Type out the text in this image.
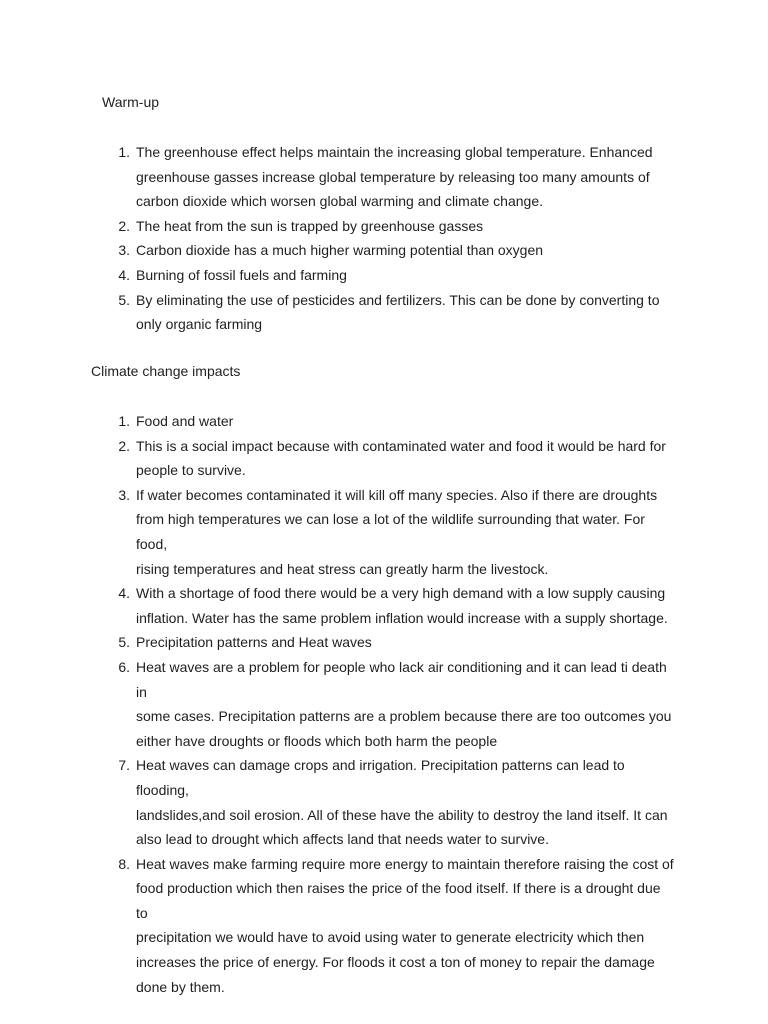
Warm-up
1 . The greenhouse effect helps maintain the increasing global temperature. Enhanced
greenhouse gasses increase global temperature by releasing too many amounts of
carbon dioxide which worsen global warming and climate change.
2 . The heat from the sun is trapped by greenhouse gasses
3 . Carbon dioxide has a much higher warming potential than oxygen
4 . Burning of fossil fuels and farming
5 . By eliminating the use of pesticides and fertilizers. This can be done by converting to
only organic farming
Climate change impacts
1 . Food and water
2 . This is a social impact because with contaminated water and food it would be hard for
people to survive.
3 . If water becomes contaminated it will kill off many species. Also if there are droughts
from high temperatures we can lose a lot of the wildlife surrounding that water. For food,
rising temperatures and heat stress can greatly harm the livestock.
4 . With a shortage of food there would be a very high demand with a low supply causing
inflation. Water has the same problem inflation would increase with a supply shortage.
5 . Precipitation patterns and Heat waves
6 . Heat waves are a problem for people who lack air conditioning and it can lead ti death in
some cases. Precipitation patterns are a problem because there are too outcomes you
either have droughts or floods which both harm the people
7 . Heat waves can damage crops and irrigation. Precipitation patterns can lead to flooding,
landslides,and soil erosion. All of these have the ability to destroy the land itself. It can
also lead to drought which affects land that needs water to survive.
8 . Heat waves make farming require more energy to maintain therefore raising the cost of
food production which then raises the price of the food itself. If there is a drought due to
precipitation we would have to avoid using water to generate electricity which then
increases the price of energy. For floods it cost a ton of money to repair the damage
done by them.
